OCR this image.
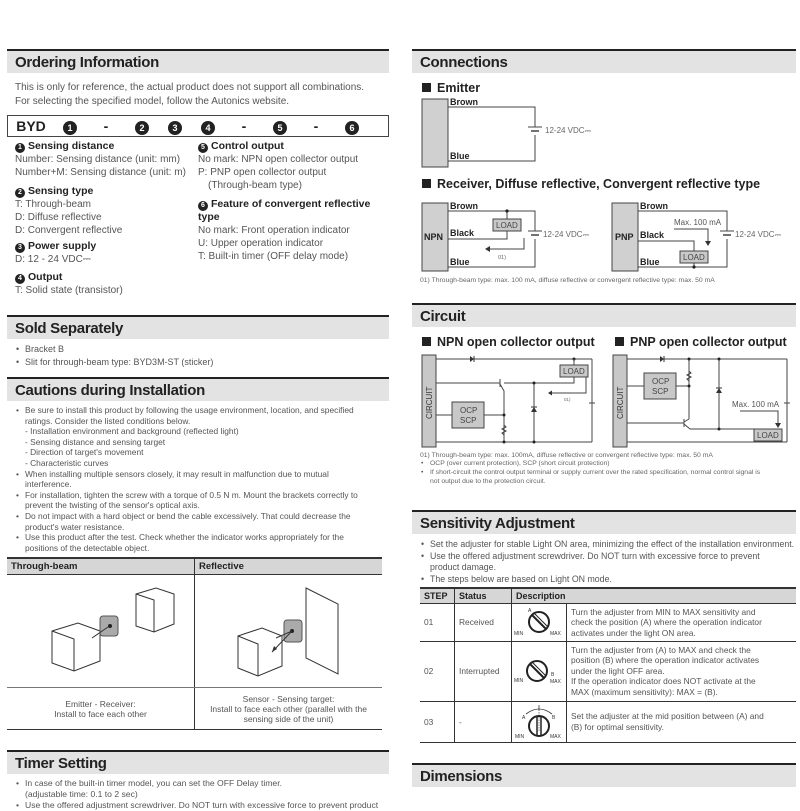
Ordering Information
This is only for reference, the actual product does not support all combinations.
For selecting the specified model, follow the Autonics website.
BYD	1	-	2	3	4	-	5	-	6
1 Sensing distance
Number: Sensing distance (unit: mm)
Number+M: Sensing distance (unit: m)
2 Sensing type
T: Through-beam
D: Diffuse reflective
D: Convergent reflective
3 Power supply
D: 12 - 24 VDC⎓
4 Output
T: Solid state (transistor)
5 Control output
No mark: NPN open collector output
P: PNP open collector output
(Through-beam type)
6 Feature of convergent reflective type
No mark: Front operation indicator
U: Upper operation indicator
T: Built-in timer (OFF delay mode)
Sold Separately
• Bracket B
• Slit for through-beam type: BYD3M-ST (sticker)
Cautions during Installation
• Be sure to install this product by following the usage environment, location, and specified
ratings. Consider the listed conditions below.
- Installation environment and background (reflected light)
- Sensing distance and sensing target
- Direction of target's movement
- Characteristic curves
• When installing multiple sensors closely, it may result in malfunction due to mutual
interference.
• For installation, tighten the screw with a torque of 0.5 N m. Mount the brackets correctly to
prevent the twisting of the sensor's optical axis.
• Do not impact with a hard object or bend the cable excessively. That could decrease the
product's water resistance.
• Use this product after the test. Check whether the indicator works appropriately for the
positions of the detectable object.
Through-beam	Reflective

Emitter - Receiver:
Install to face each other

Sensor - Sensing target:
Install to face each other (parallel with the
sensing side of the unit)
Timer Setting
• In case of the built-in timer model, you can set the OFF Delay timer.
(adjustable time: 0.1 to 2 sec)
• Use the offered adjustment screwdriver. Do NOT turn with excessive force to prevent product
Connections
Emitter
Brown
Blue
12-24 VDC⎓
Receiver, Diffuse reflective, Convergent reflective type
NPN
LOAD
01)
Brown
Black
Blue
12-24 VDC⎓	PNP
LOAD
Max. 100 mA
Brown
Black
Blue
12-24 VDC⎓
01) Through-beam type: max. 100 mA, diffuse reflective or convergent reflective type: max. 50 mA
Circuit
NPN open collector output	PNP open collector output
CIRCUIT
LOAD
OCP
SCP
01)	CIRCUIT
OCP
SCP
LOAD
Max. 100 mA
01) Through-beam type: max. 100mA, diffuse reflective or convergent reflective type: max. 50 mA
• OCP (over current protection), SCP (short circuit protection)
• If short-circuit the control output terminal or supply current over the rated specification, normal control signal is
not output due to the protection circuit.
Sensitivity Adjustment
• Set the adjuster for stable Light ON area, minimizing the effect of the installation environment.
• Use the offered adjustment screwdriver. Do NOT turn with excessive force to prevent
product damage.
• The steps below are based on Light ON mode.
STEP	Status	Description	
01	Received	
A
MIN	MAX

Turn the adjuster from MIN to MAX sensitivity and
check the position (A) where the operation indicator
activates under the light ON area.

02	Interrupted	B
MIN	MAX

Turn the adjuster from (A) to MAX and check the
position (B) where the operation indicator activates
under the light OFF area.
If the operation indicator does NOT activate at the
MAX (maximum sensitivity): MAX = (B).

03	-	A	B
MIN	MAX

Set the adjuster at the mid position between (A) and
(B) for optimal sensitivity.
Dimensions
